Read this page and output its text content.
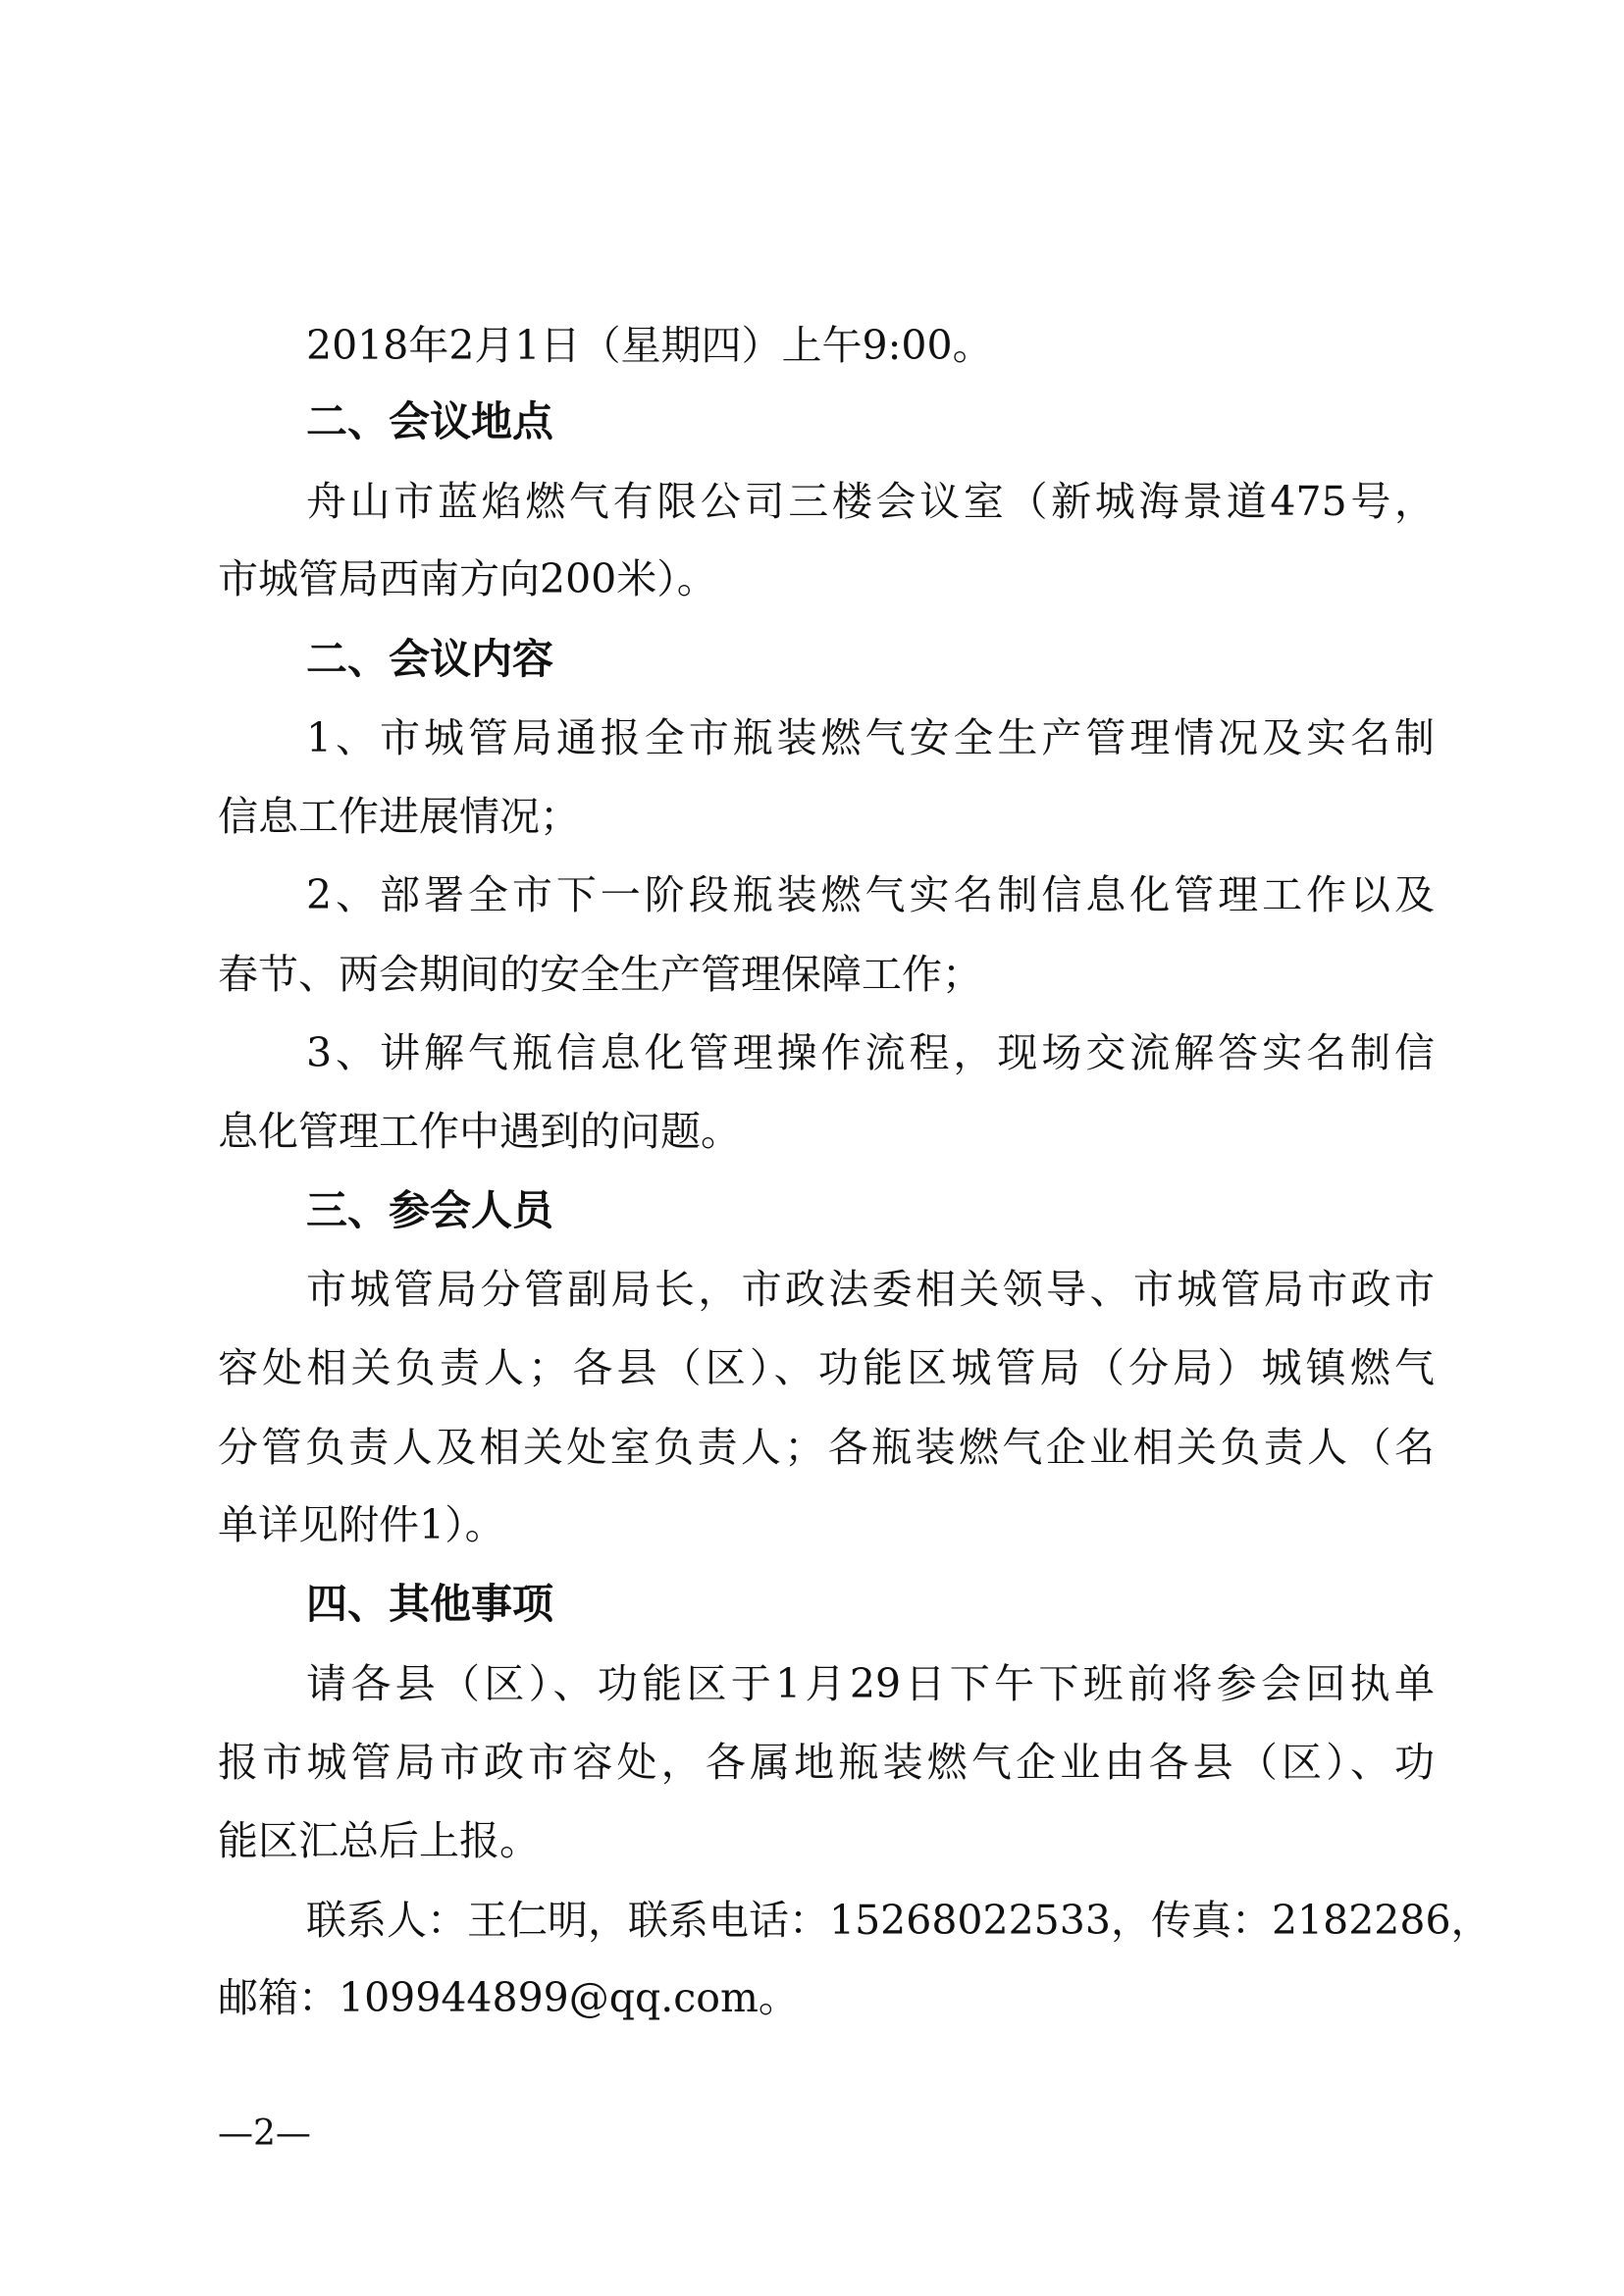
2018年2月1日（星期四）上午9:00。
二、会议地点
舟山市蓝焰燃气有限公司三楼会议室（新城海景道475号，
市城管局西南方向200米）。
二、会议内容
1、市城管局通报全市瓶装燃气安全生产管理情况及实名制
信息工作进展情况；
2、部署全市下一阶段瓶装燃气实名制信息化管理工作以及
春节、两会期间的安全生产管理保障工作；
3、讲解气瓶信息化管理操作流程，现场交流解答实名制信
息化管理工作中遇到的问题。
三、参会人员
市城管局分管副局长，市政法委相关领导、市城管局市政市
容处相关负责人；各县（区）、功能区城管局（分局）城镇燃气
分管负责人及相关处室负责人；各瓶装燃气企业相关负责人（名
单详见附件1）。
四、其他事项
请各县（区）、功能区于1月29日下午下班前将参会回执单
报市城管局市政市容处，各属地瓶装燃气企业由各县（区）、功
能区汇总后上报。
联系人：王仁明，联系电话：15268022533，传真：2182286，
邮箱：109944899@qq.com。
—2—
